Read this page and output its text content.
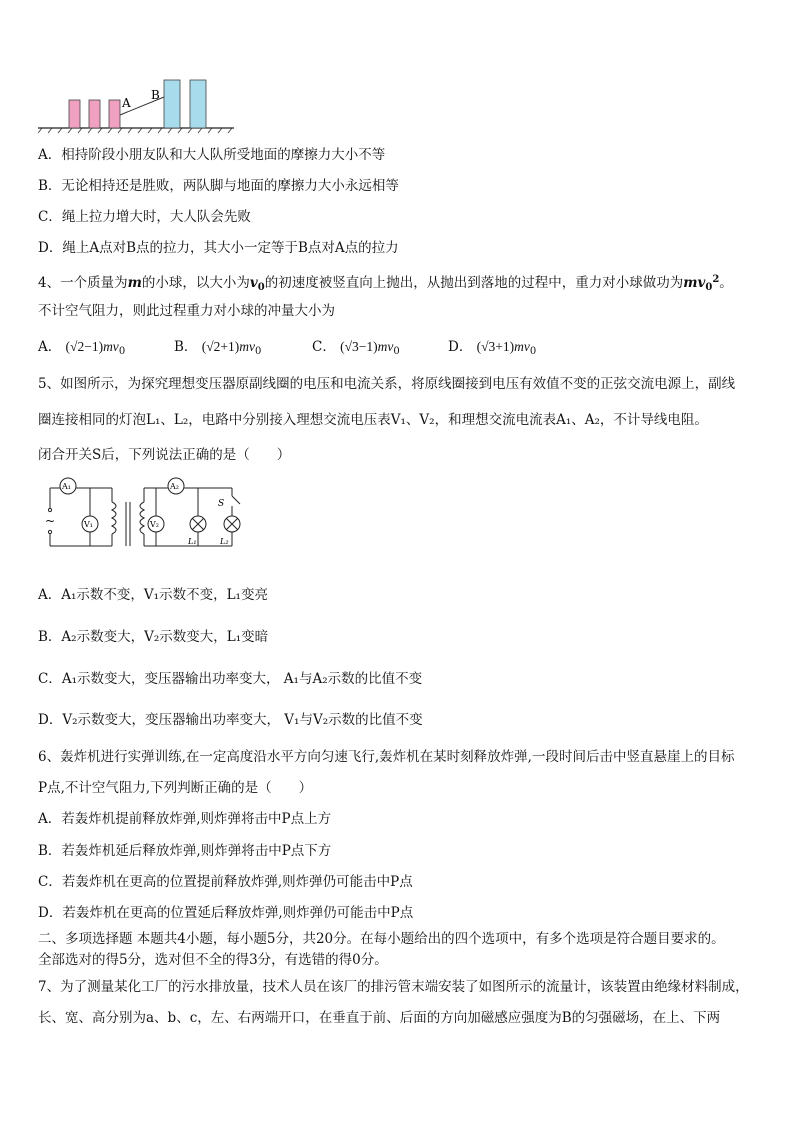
A
B
A．相持阶段小朋友队和大人队所受地面的摩擦力大小不等
B．无论相持还是胜败，两队脚与地面的摩擦力大小永远相等
C．绳上拉力增大时，大人队会先败
D．绳上A点对B点的拉力，其大小一定等于B点对A点的拉力
4、一个质量为m的小球，以大小为$v_0$的初速度被竖直向上抛出，从抛出到落地的过程中，重力对小球做功为$mv_0^2$。
不计空气阻力，则此过程重力对小球的冲量大小为
A． $(√2-1)mv_0$	B． $(√2+1)mv_0$	C． $(√3-1)mv_0$	D． $(√3+1)mv_0$
5、如图所示，为探究理想变压器原副线圈的电压和电流关系，将原线圈接到电压有效值不变的正弦交流电源上，副线
圈连接相同的灯泡L₁、L₂，电路中分别接入理想交流电压表V₁、V₂，和理想交流电流表A₁、A₂，不计导线电阻。
闭合开关S后，下列说法正确的是（　　）
~
A₁
V₁
A₂
V₂
L₁	L₂
S
A．A₁示数不变，V₁示数不变，L₁变亮
B．A₂示数变大，V₂示数变大，L₁变暗
C．A₁示数变大，变压器输出功率变大， A₁与A₂示数的比值不变
D．V₂示数变大，变压器输出功率变大， V₁与V₂示数的比值不变
6、轰炸机进行实弹训练,在一定高度沿水平方向匀速飞行,轰炸机在某时刻释放炸弹,一段时间后击中竖直悬崖上的目标
P点,不计空气阻力,下列判断正确的是（　　）
A．若轰炸机提前释放炸弹,则炸弹将击中P点上方
B．若轰炸机延后释放炸弹,则炸弹将击中P点下方
C．若轰炸机在更高的位置提前释放炸弹,则炸弹仍可能击中P点
D．若轰炸机在更高的位置延后释放炸弹,则炸弹仍可能击中P点
二、多项选择题 本题共4小题，每小题5分，共20分。在每小题给出的四个选项中，有多个选项是符合题目要求的。
全部选对的得5分，选对但不全的得3分，有选错的得0分。
7、为了测量某化工厂的污水排放量，技术人员在该厂的排污管末端安装了如图所示的流量计，该装置由绝缘材料制成，
长、宽、高分别为a、b、c，左、右两端开口，在垂直于前、后面的方向加磁感应强度为B的匀强磁场，在上、下两
